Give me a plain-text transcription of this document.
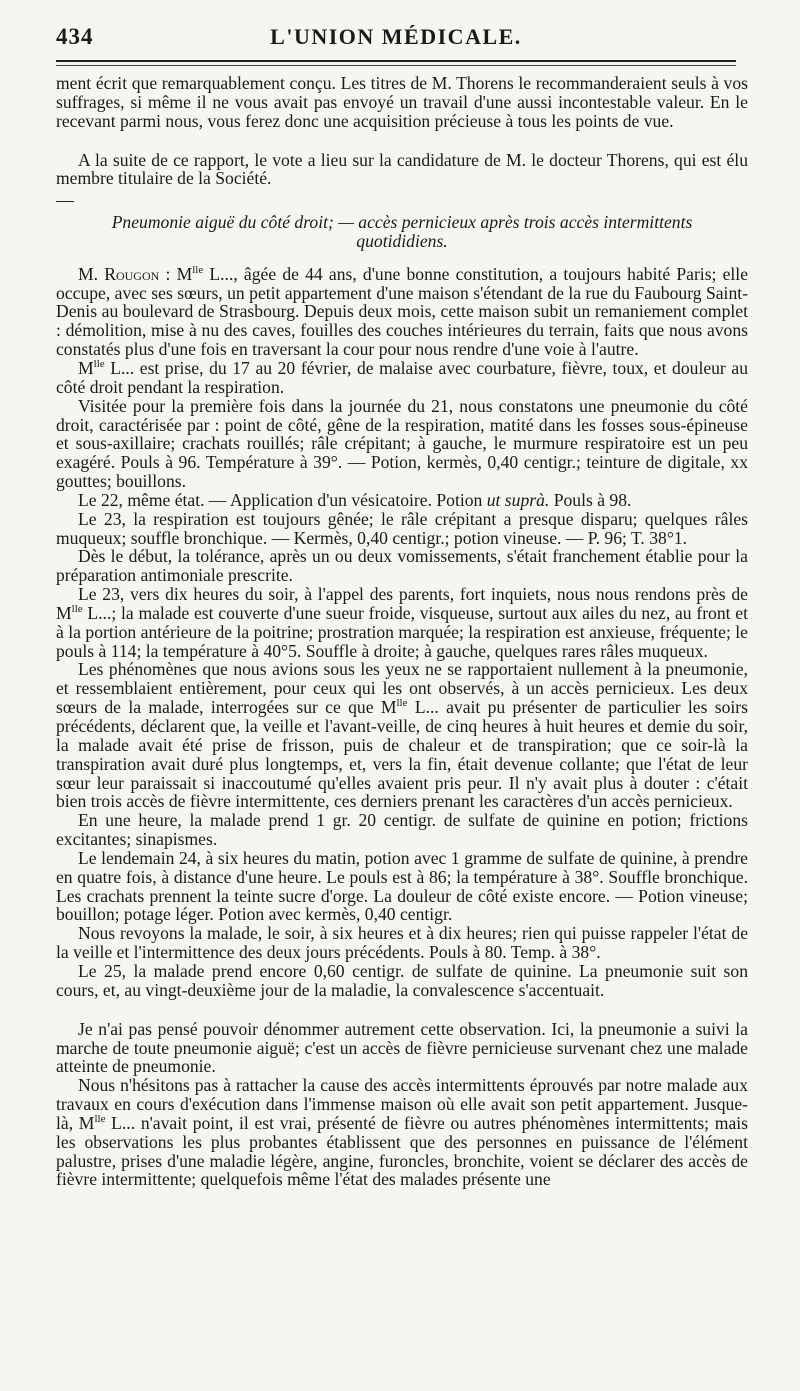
434	L'UNION MÉDICALE.

ment écrit que remarquablement conçu. Les titres de M. Thorens le recommanderaient seuls à vos suffrages, si même il ne vous avait pas envoyé un travail d'une aussi incontestable valeur. En le recevant parmi nous, vous ferez donc une acquisition précieuse à tous les points de vue.

A la suite de ce rapport, le vote a lieu sur la candidature de M. le docteur Thorens, qui est élu membre titulaire de la Société.

Pneumonie aiguë du côté droit; — accès pernicieux après trois accès intermittents quotididiens.

M. Rougon : $M^{lle}$ L..., âgée de 44 ans, d'une bonne constitution, a toujours habité Paris; elle occupe, avec ses sœurs, un petit appartement d'une maison s'étendant de la rue du Faubourg Saint-Denis au boulevard de Strasbourg. Depuis deux mois, cette maison subit un remaniement complet : démolition, mise à nu des caves, fouilles des couches intérieures du terrain, faits que nous avons constatés plus d'une fois en traversant la cour pour nous rendre d'une voie à l'autre.

$M^{lle}$ L... est prise, du 17 au 20 février, de malaise avec courbature, fièvre, toux, et douleur au côté droit pendant la respiration.

Visitée pour la première fois dans la journée du 21, nous constatons une pneumonie du côté droit, caractérisée par : point de côté, gêne de la respiration, matité dans les fosses sous-épineuse et sous-axillaire; crachats rouillés; râle crépitant; à gauche, le murmure respiratoire est un peu exagéré. Pouls à 96. Température à 39°. — Potion, kermès, 0,40 centigr.; teinture de digitale, xx gouttes; bouillons.

Le 22, même état. — Application d'un vésicatoire. Potion ut suprà. Pouls à 98.

Le 23, la respiration est toujours gênée; le râle crépitant a presque disparu; quelques râles muqueux; souffle bronchique. — Kermès, 0,40 centigr.; potion vineuse. — P. 96; T. 38°1.

Dès le début, la tolérance, après un ou deux vomissements, s'était franchement établie pour la préparation antimoniale prescrite.

Le 23, vers dix heures du soir, à l'appel des parents, fort inquiets, nous nous rendons près de $M^{lle}$ L...; la malade est couverte d'une sueur froide, visqueuse, surtout aux ailes du nez, au front et à la portion antérieure de la poitrine; prostration marquée; la respiration est anxieuse, fréquente; le pouls à 114; la température à 40°5. Souffle à droite; à gauche, quelques rares râles muqueux.

Les phénomènes que nous avions sous les yeux ne se rapportaient nullement à la pneumonie, et ressemblaient entièrement, pour ceux qui les ont observés, à un accès pernicieux. Les deux sœurs de la malade, interrogées sur ce que $M^{lle}$ L... avait pu présenter de particulier les soirs précédents, déclarent que, la veille et l'avant-veille, de cinq heures à huit heures et demie du soir, la malade avait été prise de frisson, puis de chaleur et de transpiration; que ce soir-là la transpiration avait duré plus longtemps, et, vers la fin, était devenue collante; que l'état de leur sœur leur paraissait si inaccoutumé qu'elles avaient pris peur. Il n'y avait plus à douter : c'était bien trois accès de fièvre intermittente, ces derniers prenant les caractères d'un accès pernicieux.

En une heure, la malade prend 1 gr. 20 centigr. de sulfate de quinine en potion; frictions excitantes; sinapismes.

Le lendemain 24, à six heures du matin, potion avec 1 gramme de sulfate de quinine, à prendre en quatre fois, à distance d'une heure. Le pouls est à 86; la température à 38°. Souffle bronchique. Les crachats prennent la teinte sucre d'orge. La douleur de côté existe encore. — Potion vineuse; bouillon; potage léger. Potion avec kermès, 0,40 centigr.

Nous revoyons la malade, le soir, à six heures et à dix heures; rien qui puisse rappeler l'état de la veille et l'intermittence des deux jours précédents. Pouls à 80. Temp. à 38°.

Le 25, la malade prend encore 0,60 centigr. de sulfate de quinine. La pneumonie suit son cours, et, au vingt-deuxième jour de la maladie, la convalescence s'accentuait.

Je n'ai pas pensé pouvoir dénommer autrement cette observation. Ici, la pneumonie a suivi la marche de toute pneumonie aiguë; c'est un accès de fièvre pernicieuse survenant chez une malade atteinte de pneumonie.

Nous n'hésitons pas à rattacher la cause des accès intermittents éprouvés par notre malade aux travaux en cours d'exécution dans l'immense maison où elle avait son petit appartement. Jusque-là, $M^{lle}$ L... n'avait point, il est vrai, présenté de fièvre ou autres phénomènes intermittents; mais les observations les plus probantes établissent que des personnes en puissance de l'élément palustre, prises d'une maladie légère, angine, furoncles, bronchite, voient se déclarer des accès de fièvre intermittente; quelquefois même l'état des malades présente une
